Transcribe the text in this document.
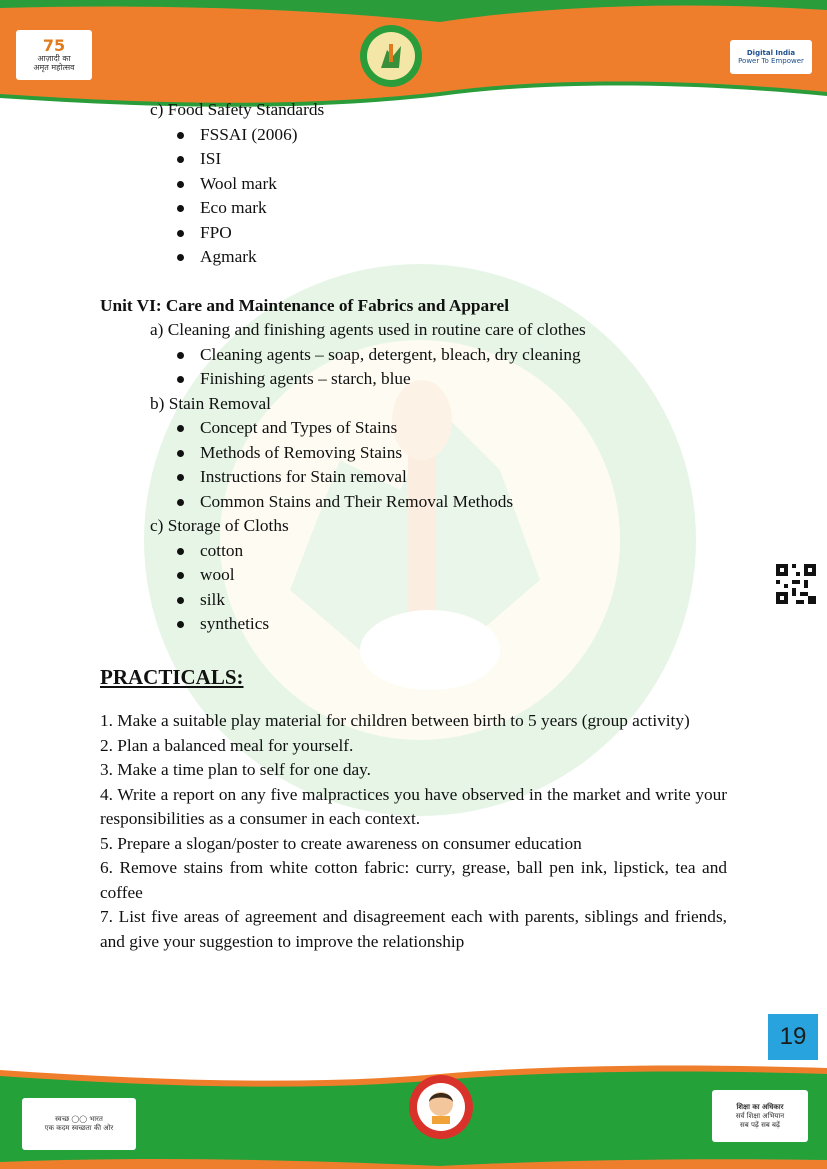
75
आज़ादी का
अमृत महोत्सव
Digital India
Power To Empower
c) Food Safety Standards
FSSAI (2006)
ISI
Wool mark
Eco mark
FPO
Agmark
Unit VI: Care and Maintenance of Fabrics and Apparel
a) Cleaning and finishing agents used in routine care of clothes
Cleaning agents – soap, detergent, bleach, dry cleaning
Finishing agents – starch, blue
b) Stain Removal
Concept and Types of Stains
Methods of Removing Stains
Instructions for Stain removal
Common Stains and Their Removal Methods
c) Storage of Cloths
cotton
wool
silk
synthetics
PRACTICALS:
1. Make a suitable play material for children between birth to 5 years (group activity)
2. Plan a balanced meal for yourself.
3. Make a time plan to self for one day.
4. Write a report on any five malpractices you have observed in the market and write your responsibilities as a consumer in each context.
5. Prepare a slogan/poster to create awareness on consumer education
6. Remove stains from white cotton fabric: curry, grease, ball pen ink, lipstick, tea and coffee
7. List five areas of agreement and disagreement each with parents, siblings and friends, and give your suggestion to improve the relationship
19
स्वच्छ ◯◯ भारत
एक कदम स्वच्छता की ओर
शिक्षा का अधिकार
सर्व शिक्षा अभियान
सब पढ़ें सब बढ़ें
